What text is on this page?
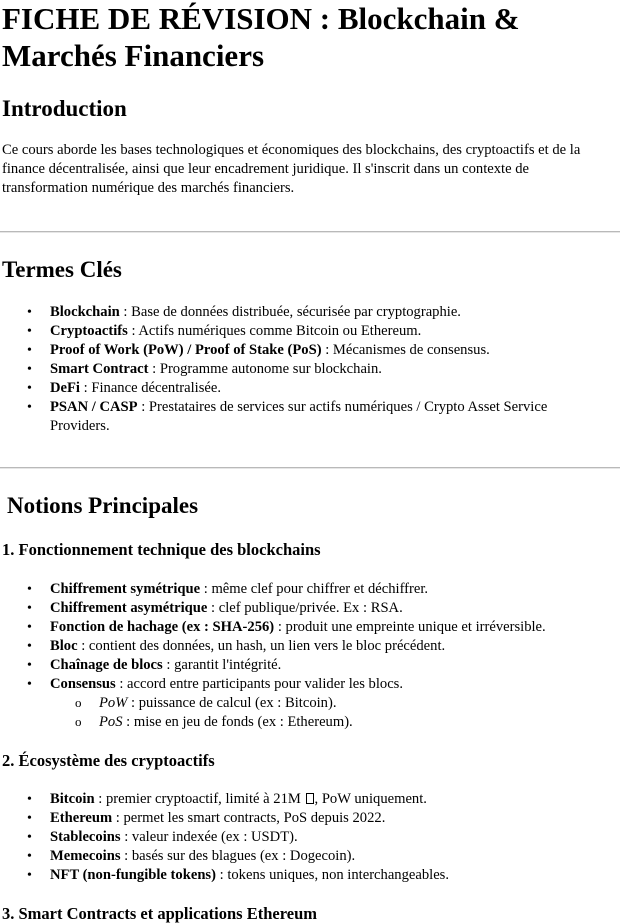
FICHE DE RÉVISION : Blockchain & Marchés Financiers
Introduction

Ce cours aborde les bases technologiques et économiques des blockchains, des cryptoactifs et de la finance décentralisée, ainsi que leur encadrement juridique. Il s'inscrit dans un contexte de transformation numérique des marchés financiers.

Termes Clés
• Blockchain : Base de données distribuée, sécurisée par cryptographie.
• Cryptoactifs : Actifs numériques comme Bitcoin ou Ethereum.
• Proof of Work (PoW) / Proof of Stake (PoS) : Mécanismes de consensus.
• Smart Contract : Programme autonome sur blockchain.
• DeFi : Finance décentralisée.
• PSAN / CASP : Prestataires de services sur actifs numériques / Crypto Asset Service Providers.
Notions Principales
1. Fonctionnement technique des blockchains
• Chiffrement symétrique : même clef pour chiffrer et déchiffrer.
• Chiffrement asymétrique : clef publique/privée. Ex : RSA.
• Fonction de hachage (ex : SHA-256) : produit une empreinte unique et irréversible.
• Bloc : contient des données, un hash, un lien vers le bloc précédent.
• Chaînage de blocs : garantit l'intégrité.
• Consensus : accord entre participants pour valider les blocs.
o PoW : puissance de calcul (ex : Bitcoin).
o PoS : mise en jeu de fonds (ex : Ethereum).
2. Écosystème des cryptoactifs
• Bitcoin : premier cryptoactif, limité à 21M , PoW uniquement.
• Ethereum : permet les smart contracts, PoS depuis 2022.
• Stablecoins : valeur indexée (ex : USDT).
• Memecoins : basés sur des blagues (ex : Dogecoin).
• NFT (non-fungible tokens) : tokens uniques, non interchangeables.
3. Smart Contracts et applications Ethereum
